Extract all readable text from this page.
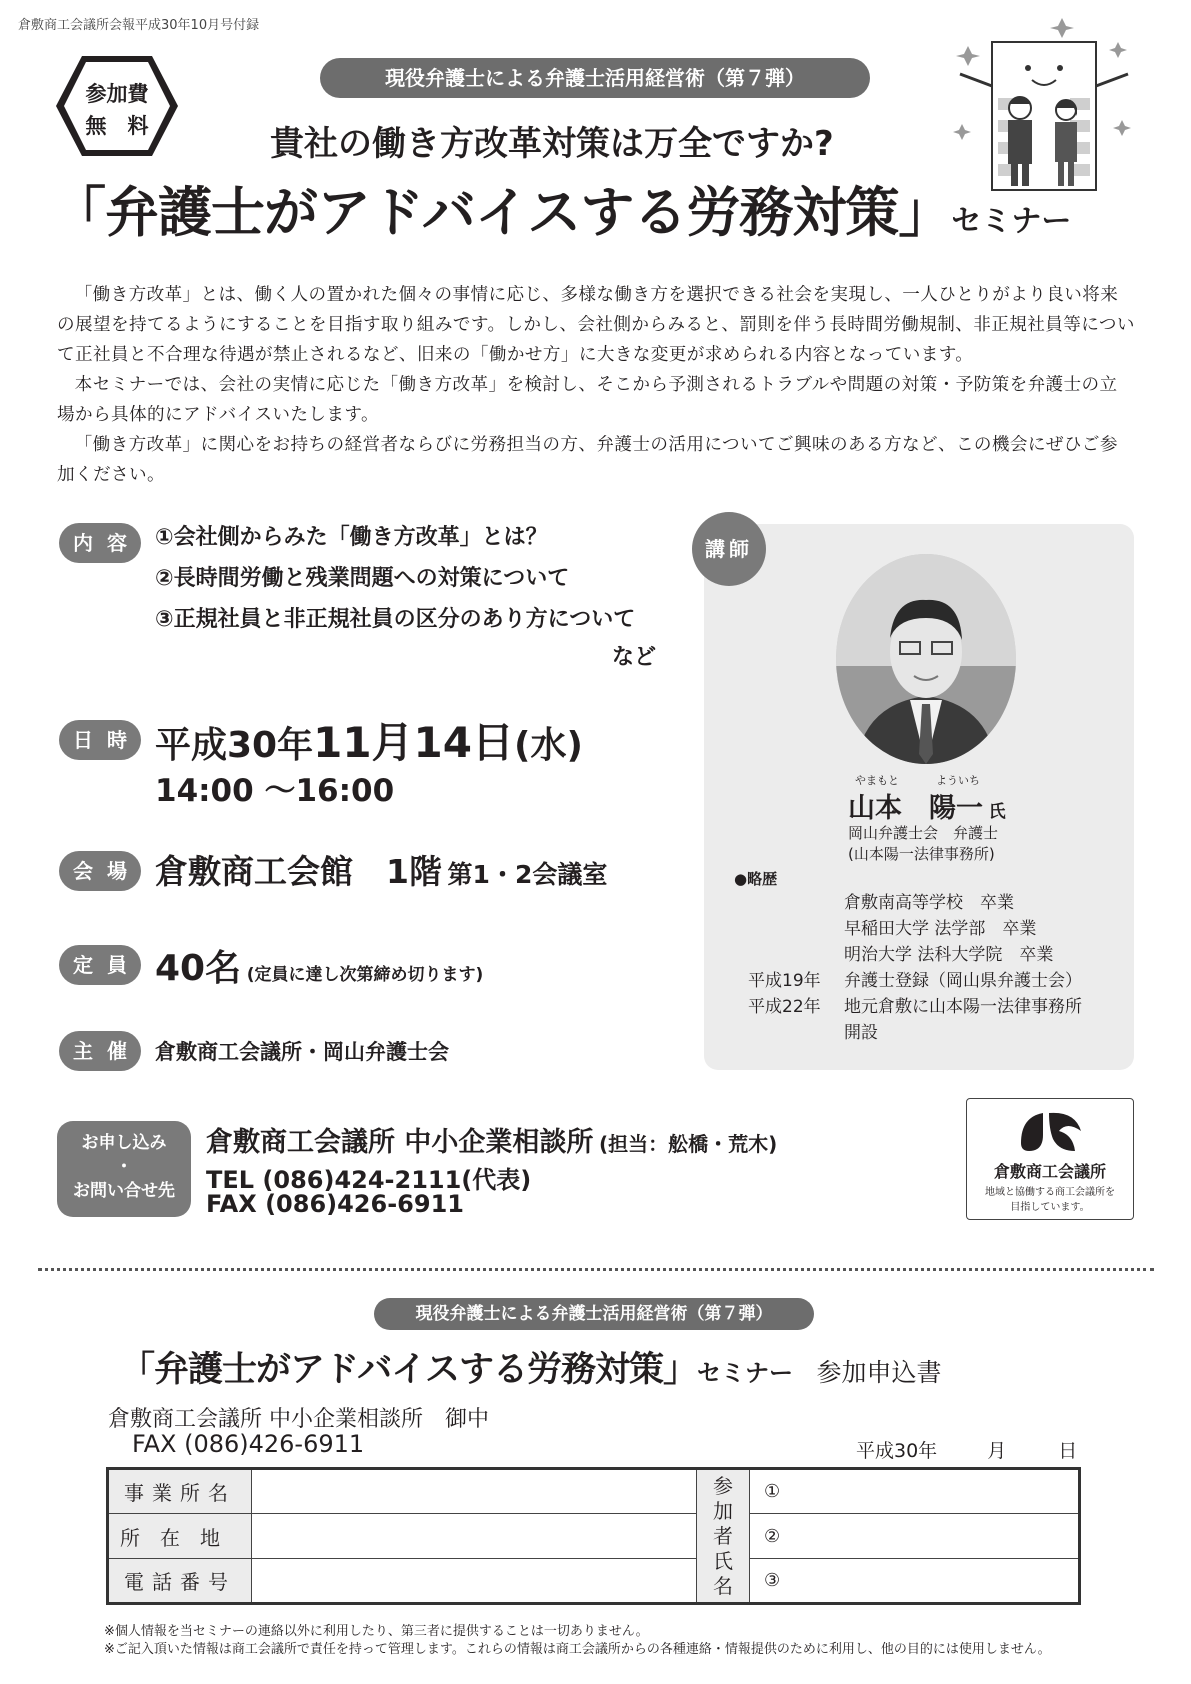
倉敷商工会議所会報平成30年10月号付録
参加費
無　料
現役弁護士による弁護士活用経営術（第７弾）
貴社の働き方改革対策は万全ですか?
「弁護士がアドバイスする労務対策」セミナー

「働き方改革」とは、働く人の置かれた個々の事情に応じ、多様な働き方を選択できる社会を実現し、一人ひとりがより良い将来の展望を持てるようにすることを目指す取り組みです。しかし、会社側からみると、罰則を伴う長時間労働規制、非正規社員等について正社員と不合理な待遇が禁止されるなど、旧来の「働かせ方」に大きな変更が求められる内容となっています。

本セミナーでは、会社の実情に応じた「働き方改革」を検討し、そこから予測されるトラブルや問題の対策・予防策を弁護士の立場から具体的にアドバイスいたします。

「働き方改革」に関心をお持ちの経営者ならびに労務担当の方、弁護士の活用についてご興味のある方など、この機会にぜひご参加ください。

内容 ①会社側からみた「働き方改革」とは？
②長時間労働と残業問題への対策について
③正規社員と非正規社員の区分のあり方について
など
日時 平成30年11月14日(水)
14:00 ～16:00
会場 倉敷商工会館　1階 第1・2会議室
定員 40名 (定員に達し次第締め切ります)
主催 倉敷商工会議所・岡山弁護士会
講師
やまもと	よういち
山本　陽一 氏
岡山弁護士会　弁護士
(山本陽一法律事務所)
●略歴
倉敷南高等学校　卒業
早稲田大学 法学部　卒業
明治大学 法科大学院　卒業
平成19年 弁護士登録（岡山県弁護士会）
平成22年 地元倉敷に山本陽一法律事務所
開設
お申し込み
・
お問い合せ先
倉敷商工会議所 中小企業相談所 (担当：舩橋・荒木)
TEL (086)424-2111(代表)
FAX (086)426-6911
倉敷商工会議所
地域と協働する商工会議所を
目指しています。
現役弁護士による弁護士活用経営術（第７弾）
「弁護士がアドバイスする労務対策」セミナー 参加申込書
倉敷商工会議所 中小企業相談所　御中
FAX (086)426-6911	平成30年	月	日
事業所名		参加者氏名	①
所在地			②
電話番号			③
※個人情報を当セミナーの連絡以外に利用したり、第三者に提供することは一切ありません。
※ご記入頂いた情報は商工会議所で責任を持って管理します。これらの情報は商工会議所からの各種連絡・情報提供のために利用し、他の目的には使用しません。
